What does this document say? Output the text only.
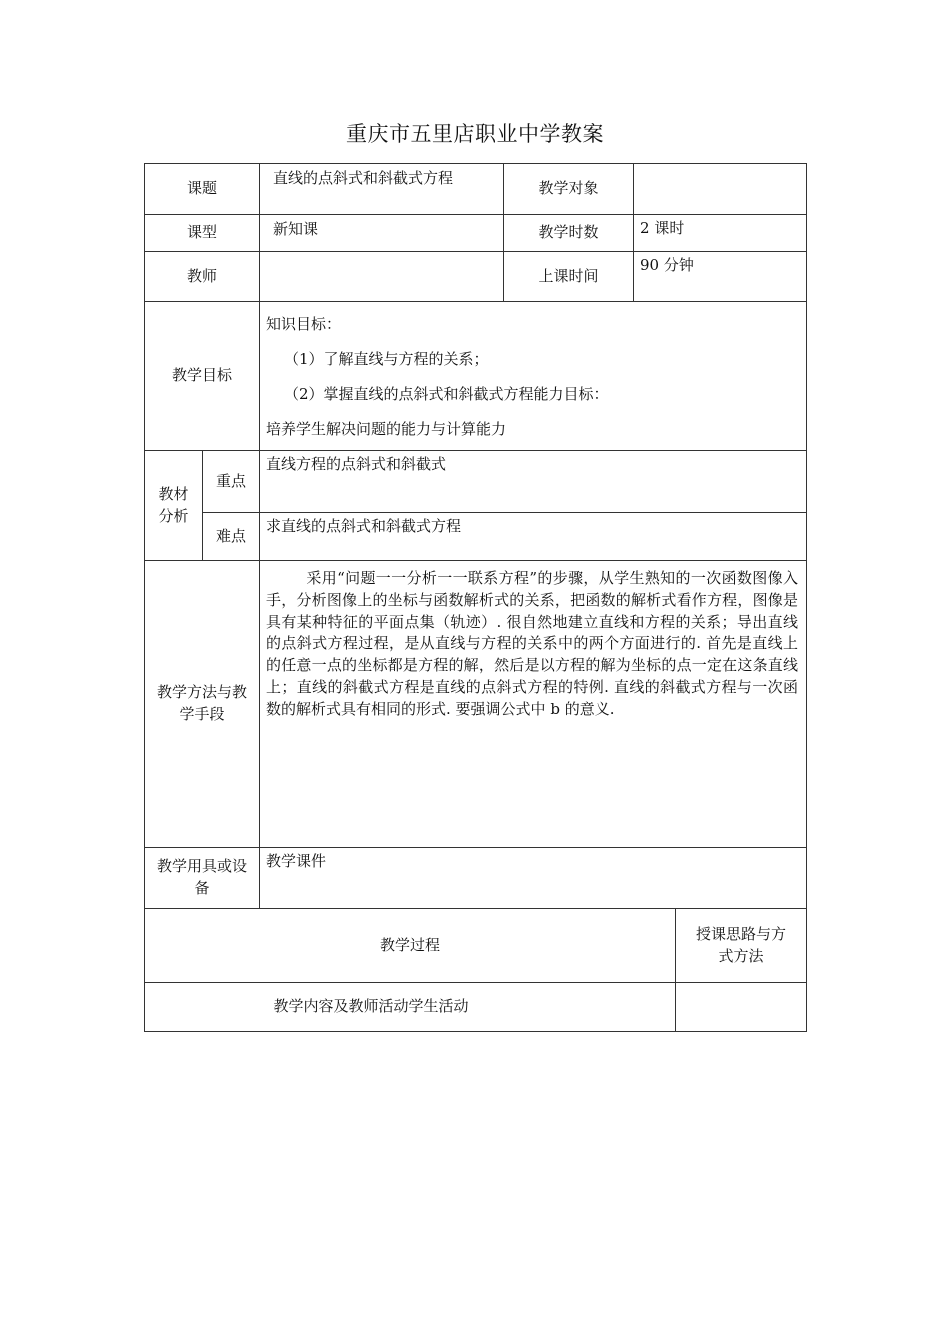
重庆市五里店职业中学教案
课题		直线的点斜式和斜截式方程	教学对象		
课型		新知课	教学时数	2 课时	
教师			上课时间	90 分钟	
教学目标		知识目标：
（1）了解直线与方程的关系；
（2）掌握直线的点斜式和斜截式方程能力目标：
培养学生解决问题的能力与计算能力			

教材
分析	重点	直线方程的点斜式和斜截式			
	难点	求直线的点斜式和斜截式方程			

教学方法与教
学手段		采用“问题一一分析一一联系方程”的步骤，从学生熟知的一次函数图像入手，分析图像上的坐标与函数解析式的关系，把函数的解析式看作方程，图像是具有某种特征的平面点集（轨迹）. 很自然地建立直线和方程的关系；导出直线的点斜式方程过程，是从直线与方程的关系中的两个方面进行的. 首先是直线上的任意一点的坐标都是方程的解，然后是以方程的解为坐标的点一定在这条直线上；直线的斜截式方程是直线的点斜式方程的特例. 直线的斜截式方程与一次函数的解析式具有相同的形式. 要强调公式中 b 的意义.			

教学用具或设
备		教学课件			
教学过程					授课思路与方
式方法

教学内容及教师活动学生活动					
